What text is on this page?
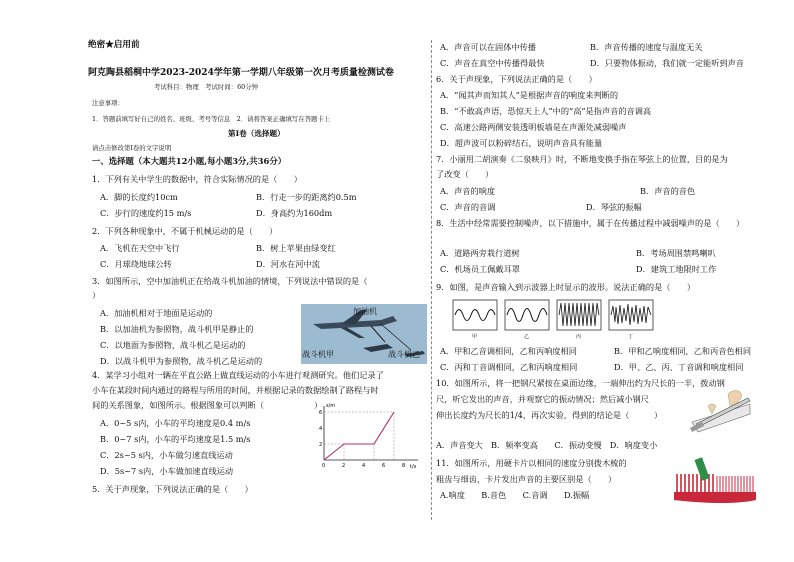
绝密★启用前
阿克陶县稻桐中学2023-2024学年第一学期八年级第一次月考质量检测试卷
考试科目：物理　考试时间：60分钟
注意事项：
1．答题前填写好自己的姓名、班级、考号等信息　2．请将答案正确填写在答题卡上
第Ⅰ卷（选择题）
请点击修改第Ⅰ卷的文字说明
一、选择题（本大题共12小题,每小题3分,共36分）
1．下列有关中学生的数据中，符合实际情况的是（　　）
A．脚的长度约10cm	B．行走一步的距离约0.5m
C．步行的速度约15 m/s	D．身高约为160dm
2．下列各种现象中，不属于机械运动的是（　　）
A．飞机在天空中飞行	B．树上苹果由绿变红
C．月球绕地球公转	D．河水在河中流
3．如图所示，空中加油机正在给战斗机加油的情境，下列说法中错误的是（
）
A．加油机相对于地面是运动的
B．以加油机为参照物，战斗机甲是静止的
C．以地面为参照物，战斗机乙是运动的
D．以战斗机甲为参照物，战斗机乙是运动的
加油机
战斗机甲	战斗机乙
4．某学习小组对一辆在平直公路上做直线运动的小车进行观测研究。他们记录了
小车在某段时间内通过的路程与所用的时间，并根据记录的数据绘制了路程与时
间的关系图象，如图所示。根据图象可以判断（	）
A．0~5 s内，小车的平均速度是0.4 m/s
B．0~7 s内，小车的平均速度是1.5 m/s
C．2s~5 s内，小车做匀速直线运动
D．5s~7 s内，小车做加速直线运动
5．关于声现象，下列说法正确的是（　　）
s/m
t/s
2
4
6
0	2	4	6	8
A．声音可以在固体中传播	B．声音传播的速度与温度无关
C．声音在真空中传播得最快	D．只要物体振动，我们就一定能听到声音
6．关于声现象，下列说法正确的是（　　）
A．“闻其声而知其人”是根据声音的响度来判断的
B．“不敢高声语，恐惊天上人”中的“高”是指声音的音调高
C．高速公路两侧安装透明板墙是在声源处减弱噪声
D．超声波可以粉碎结石，说明声音具有能量
7．小丽用二胡演奏《二泉映月》时，不断地变换手指在琴弦上的位置，目的是为
了改变（　　）
A．声音的响度	B．声音的音色
C．声音的音调	D．琴弦的振幅
8．生活中经常需要控制噪声，以下措施中，属于在传播过程中减弱噪声的是（　　）
A．道路两旁栽行道树	B．考场周围禁鸣喇叭
C．机场员工佩戴耳罩	D．建筑工地限时工作
9．如图，是声音输入到示波器上时显示的波形。说法正确的是（　　）
甲	乙	丙	丁
A．甲和乙音调相同，乙和丙响度相同	B．甲和乙响度相同，乙和丙音色相同
C．丙和丁音调相同，乙和丙响度相同	D．甲、乙、丙、丁音调和响度相同
10．如图所示，将一把钢尺紧按在桌面边缘，一端伸出约为尺长的一半，拨动钢
尺，听它发出的声音，并观察它的振动情况；然后减小钢尺
伸出长度约为尺长的1/4，再次实验，得到的结论是（	）
A．声音变大　B．频率变高　　C．振动变慢　D．响度变小
11．如图所示，用硬卡片以相同的速度分别拨木梳的
粗齿与细齿，卡片发出声音的主要区别是（　　）
A.响度　　B.音色　　C.音调　　D.振幅
